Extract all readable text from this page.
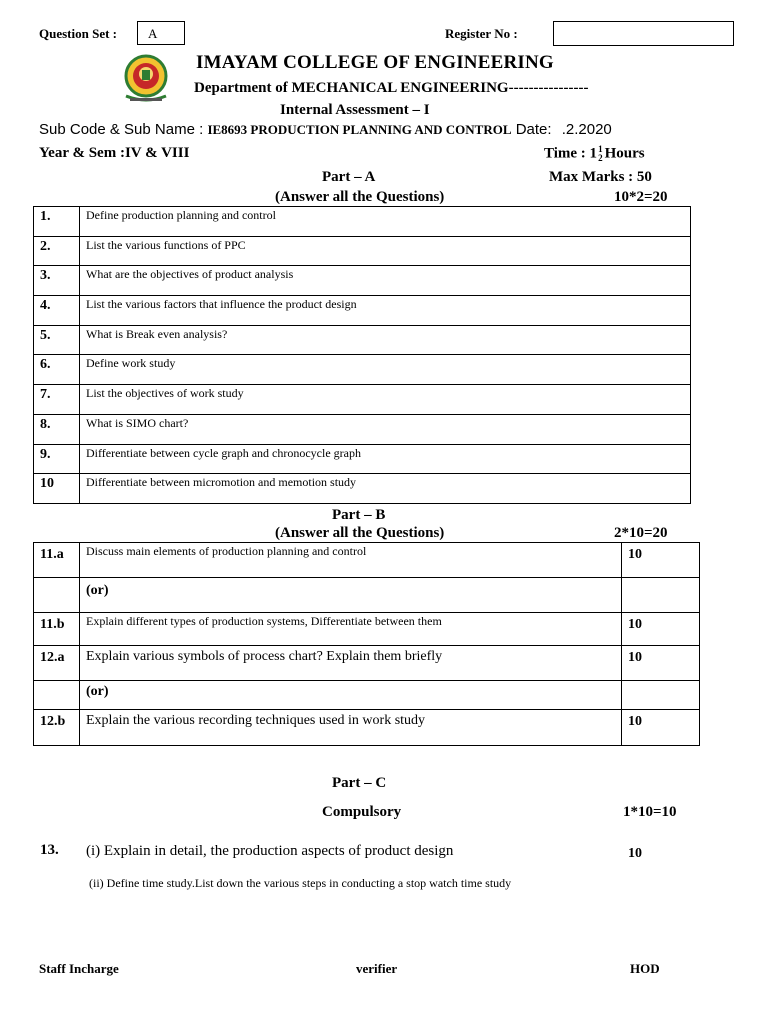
Question Set :	A	Register No :
IMAYAM COLLEGE OF ENGINEERING
Department of MECHANICAL ENGINEERING----------------
Internal Assessment – I
Sub Code & Sub Name : IE8693 PRODUCTION PLANNING AND CONTROL Date: .2.2020
Year & Sem :IV & VIII	Time : 11
2 Hours
Part – A	Max Marks : 50
(Answer all the Questions)	10*2=20
1.	Define production planning and control
2.	List the various functions of PPC
3.	What are the objectives of product analysis
4.	List the various factors that influence the product design
5.	What is Break even analysis?
6.	Define work study
7.	List the objectives of work study
8.	What is SIMO chart?
9.	Differentiate between cycle graph and chronocycle graph
10	Differentiate between micromotion and memotion study
Part – B
(Answer all the Questions)	2*10=20
11.a	Discuss main elements of production planning and control	10
	(or)	
11.b	Explain different types of production systems, Differentiate between them	10
12.a	Explain various symbols of process chart? Explain them briefly	10
	(or)	
12.b	Explain the various recording techniques used in work study	10
Part – C
Compulsory	1*10=10
13. (i) Explain in detail, the production aspects of product design	10
(ii) Define time study.List down the various steps in conducting a stop watch time study
Staff Incharge	verifier	HOD
